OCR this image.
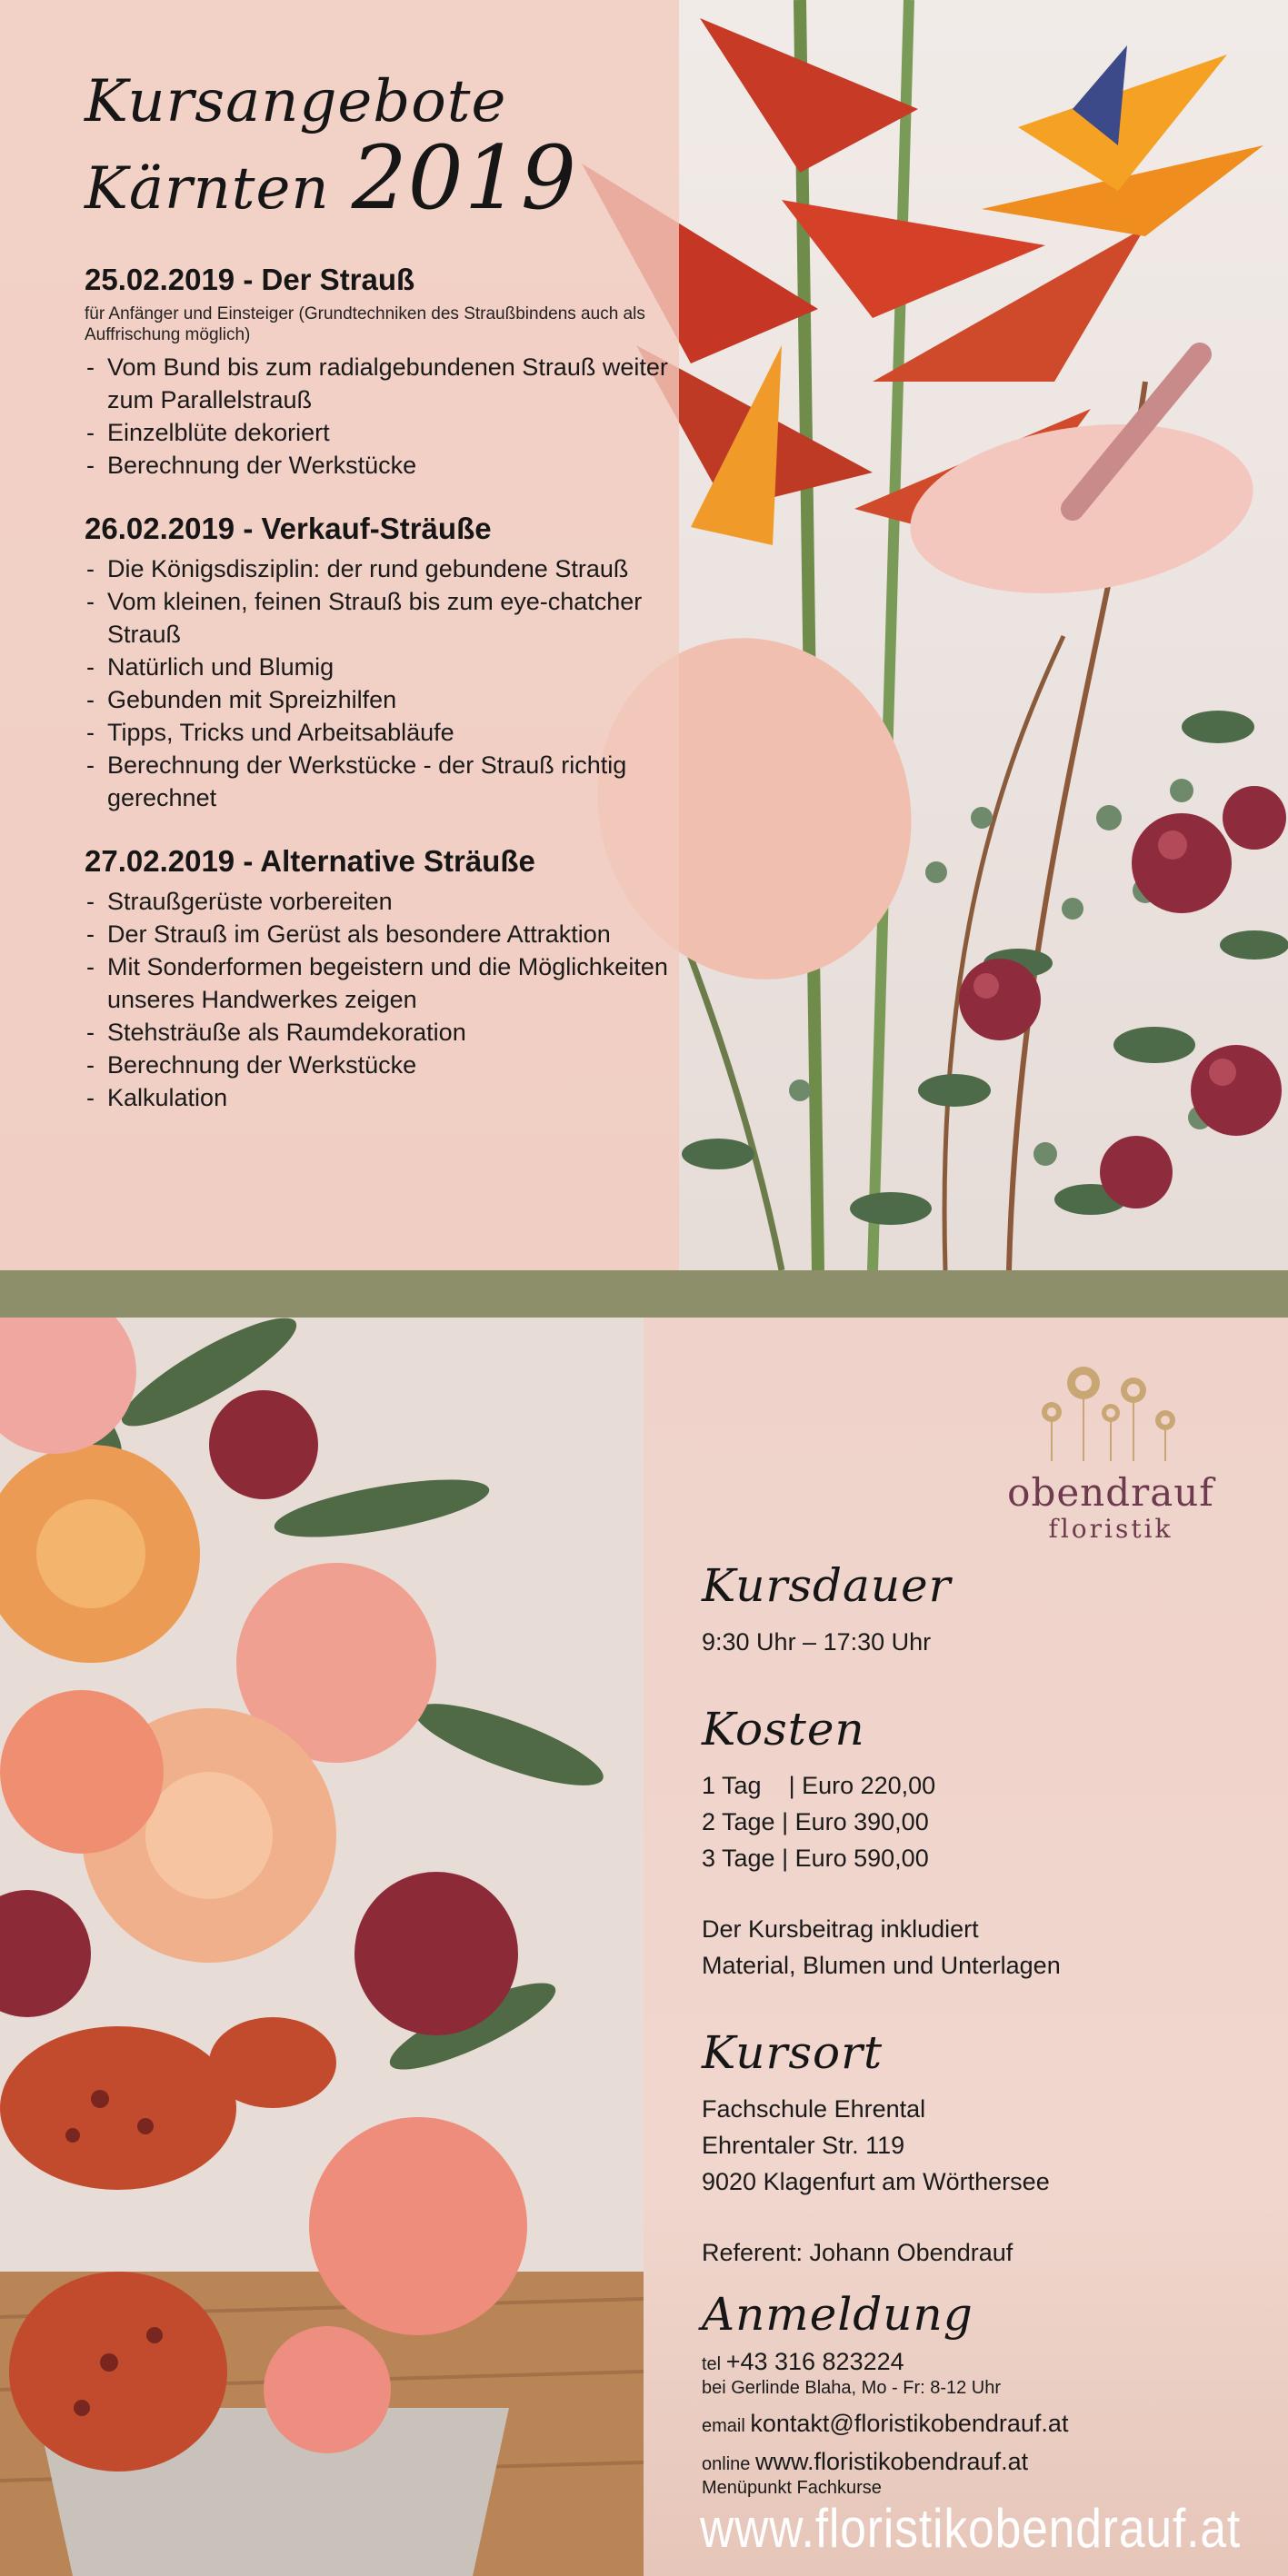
Kursangebote
Kärnten 2019
25.02.2019 - Der Strauß

für Anfänger und Einsteiger (Grundtechniken des Straußbindens auch als Auffrischung möglich)

- Vom Bund bis zum radialgebundenen Strauß weiter zum Parallelstrauß
- Einzelblüte dekoriert
- Berechnung der Werkstücke
26.02.2019 - Verkauf-Sträuße
- Die Königsdisziplin: der rund gebundene Strauß
- Vom kleinen, feinen Strauß bis zum eye-chatcher Strauß
- Natürlich und Blumig
- Gebunden mit Spreizhilfen
- Tipps, Tricks und Arbeitsabläufe
- Berechnung der Werkstücke - der Strauß richtig gerechnet
27.02.2019 - Alternative Sträuße
- Straußgerüste vorbereiten
- Der Strauß im Gerüst als besondere Attraktion
- Mit Sonderformen begeistern und die Möglichkeiten unseres Handwerkes zeigen
- Stehsträuße als Raumdekoration
- Berechnung der Werkstücke
- Kalkulation
obendrauf
floristik
Kursdauer

9:30 Uhr – 17:30 Uhr

Kosten

1 Tag    | Euro 220,00

2 Tage | Euro 390,00

3 Tage | Euro 590,00

Der Kursbeitrag inkludiert

Material, Blumen und Unterlagen

Kursort

Fachschule Ehrental

Ehrentaler Str. 119

9020 Klagenfurt am Wörthersee

Referent: Johann Obendrauf

Anmeldung

tel +43 316 823224

bei Gerlinde Blaha, Mo - Fr: 8-12 Uhr

email kontakt@floristikobendrauf.at

online www.floristikobendrauf.at

Menüpunkt Fachkurse

www.floristikobendrauf.at
